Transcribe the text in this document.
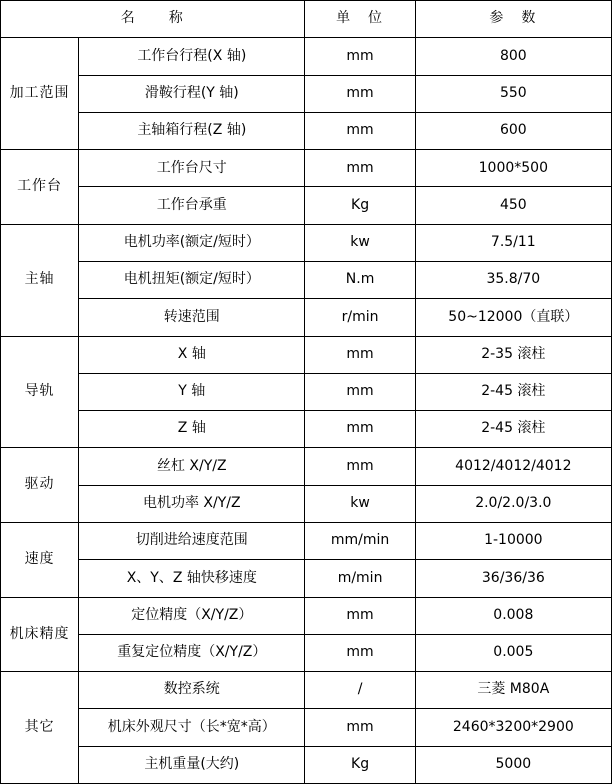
名　　称		单　位	参　数
加工范围	工作台行程(X 轴)	mm	800
	滑鞍行程(Y 轴)	mm	550
	主轴箱行程(Z 轴)	mm	600
工作台	工作台尺寸	mm	1000*500
	工作台承重	Kg	450
主轴	电机功率(额定/短时）	kw	7.5/11
	电机扭矩(额定/短时）	N.m	35.8/70
	转速范围	r/min	50~12000（直联）
导轨	X 轴	mm	2-35 滚柱
	Y 轴	mm	2-45 滚柱
	Z 轴	mm	2-45 滚柱
驱动	丝杠 X/Y/Z	mm	4012/4012/4012
	电机功率 X/Y/Z	kw	2.0/2.0/3.0
速度	切削进给速度范围	mm/min	1-10000
	X、Y、Z 轴快移速度	m/min	36/36/36
机床精度	定位精度（X/Y/Z）	mm	0.008
	重复定位精度（X/Y/Z）	mm	0.005
其它	数控系统	/	三菱 M80A
	机床外观尺寸（长*宽*高）	mm	2460*3200*2900
	主机重量(大约)	Kg	5000
